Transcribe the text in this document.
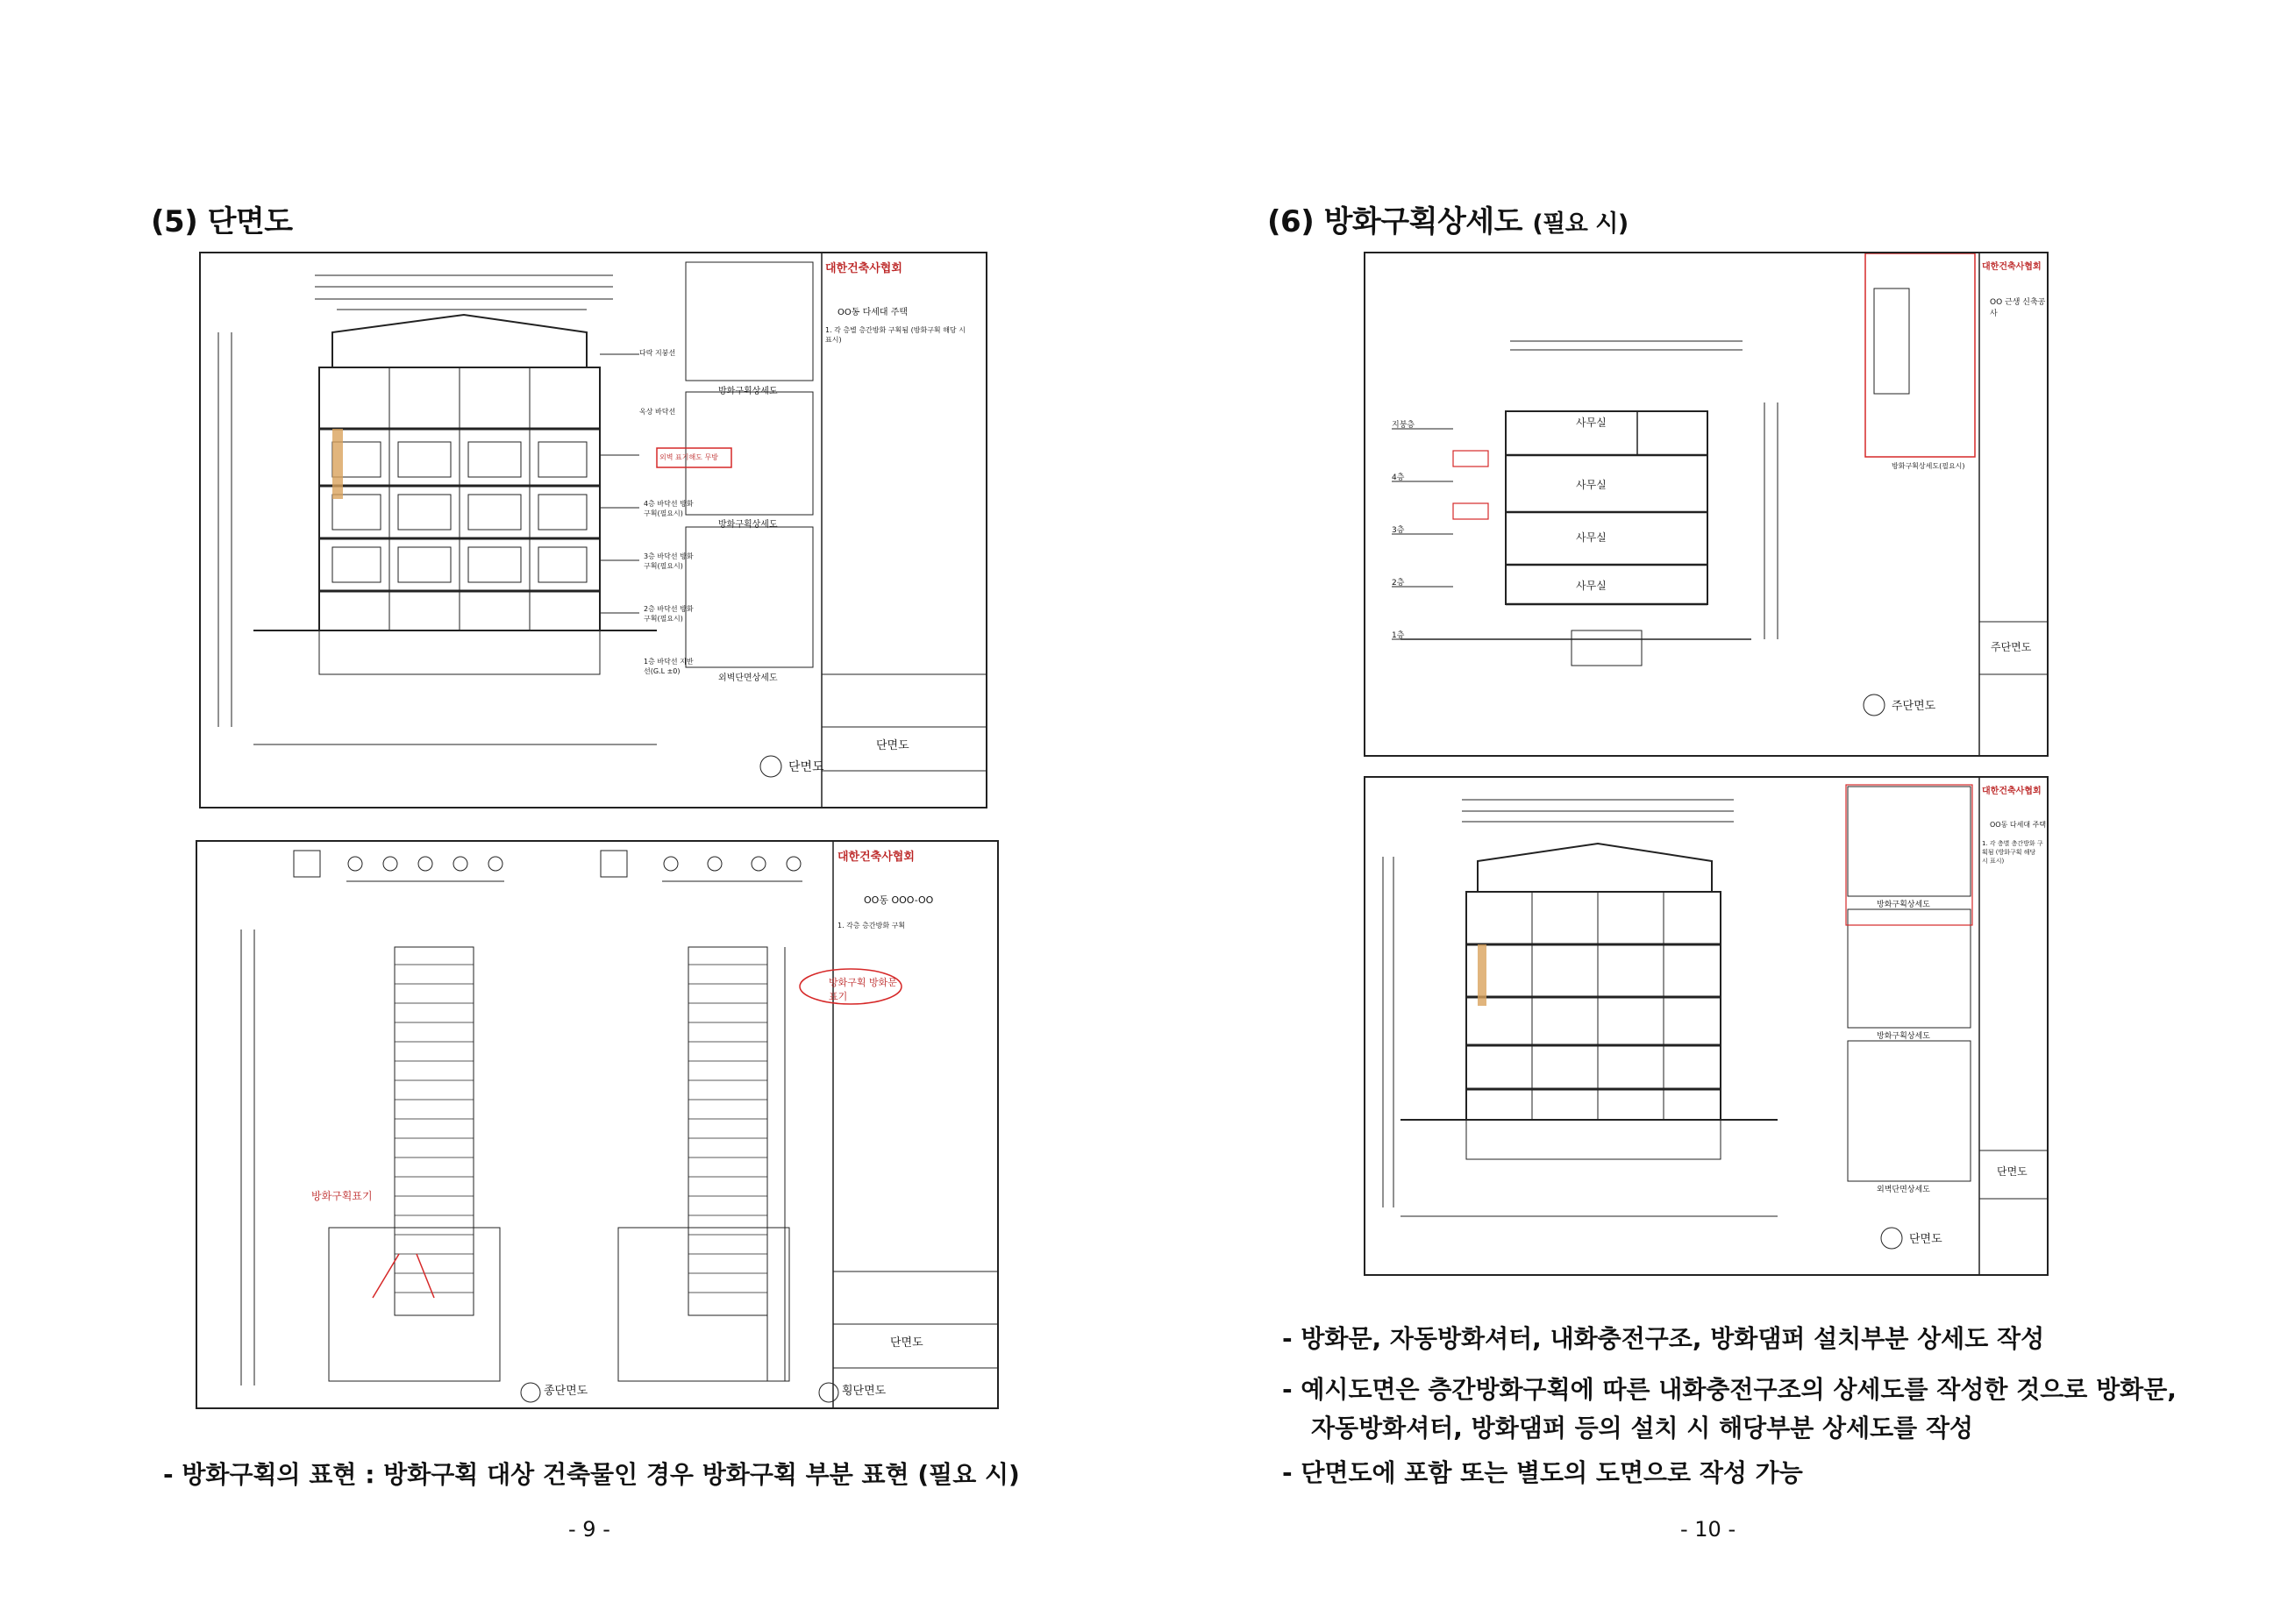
(5) 단면도
대한건축사협회
OO동 다세대 주택
1. 각 층별 층간방화 구획됨 (방화구획 해당 시 표시)
단면도
단면도
방화구획상세도
방화구획상세도
외벽단면상세도
외벽 표기해도 무방
다락 지붕선
옥상 바닥선
4층 바닥선 방화구획(필요시)
3층 바닥선 방화구획(필요시)
2층 바닥선 방화구획(필요시)
1층 바닥선 지반선(G.L ±0)
대한건축사협회
OO동 OOO-OO
1. 각층 층간방화 구획
단면도
종단면도	횡단면도
방화구획표기
방화구획 방화문 표기
- 방화구획의 표현 : 방화구획 대상 건축물인 경우 방화구획 부분 표현 (필요 시)
- 9 -
(6) 방화구획상세도 (필요 시)
대한건축사협회
OO 근생 신축공사
주단면도
주단면도
방화구획상세도(필요시)
사무실
사무실
사무실
사무실
지붕층
4층
3층
2층
1층
대한건축사협회
OO동 다세대 주택
1. 각 층별 층간방화 구획됨 (방화구획 해당 시 표시)
단면도
단면도
방화구획상세도
방화구획상세도
외벽단면상세도
- 방화문, 자동방화셔터, 내화충전구조, 방화댐퍼 설치부분 상세도 작성
- 예시도면은 층간방화구획에 따른 내화충전구조의 상세도를 작성한 것으로 방화문,
자동방화셔터, 방화댐퍼 등의 설치 시 해당부분 상세도를 작성
- 단면도에 포함 또는 별도의 도면으로 작성 가능
- 10 -
